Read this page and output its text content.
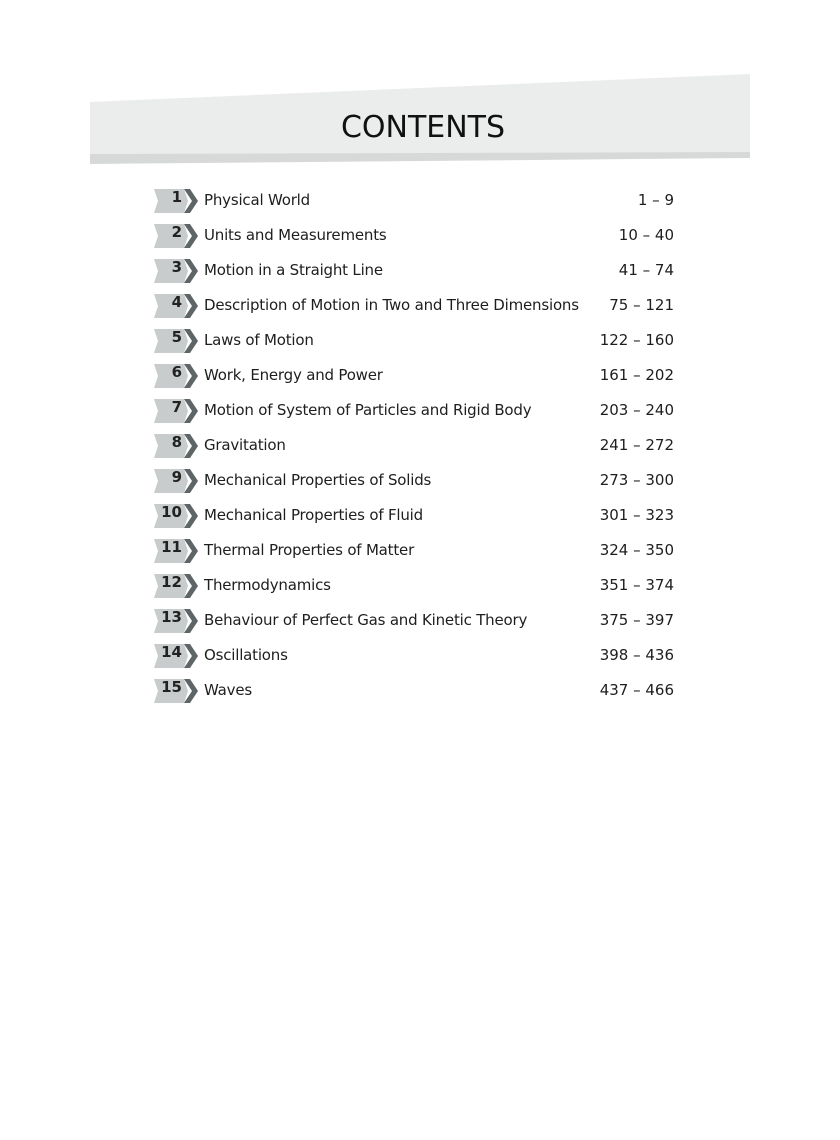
CONTENTS
1 Physical World	1 – 9
2 Units and Measurements	10 – 40
3 Motion in a Straight Line	41 – 74
4 Description of Motion in Two and Three Dimensions 75 – 121
5 Laws of Motion	122 – 160
6 Work, Energy and Power	161 – 202
7 Motion of System of Particles and Rigid Body	203 – 240
8 Gravitation	241 – 272
9 Mechanical Properties of Solids	273 – 300
10 Mechanical Properties of Fluid	301 – 323
11 Thermal Properties of Matter	324 – 350
12 Thermodynamics	351 – 374
13 Behaviour of Perfect Gas and Kinetic Theory	375 – 397
14 Oscillations	398 – 436
15 Waves	437 – 466
